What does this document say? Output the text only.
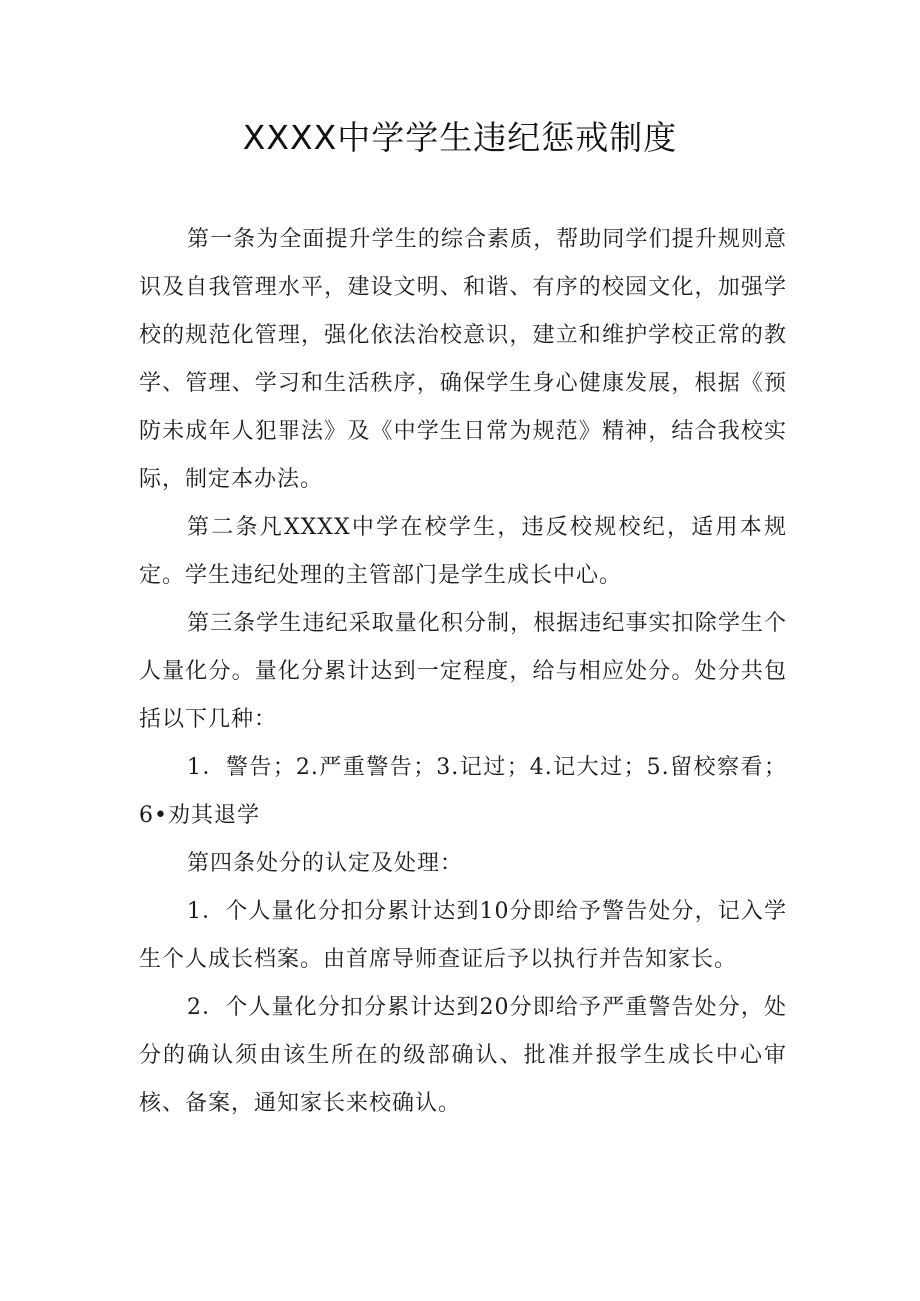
XXXX中学学生违纪惩戒制度

第一条为全面提升学生的综合素质，帮助同学们提升规则意识及自我管理水平，建设文明、和谐、有序的校园文化，加强学校的规范化管理，强化依法治校意识，建立和维护学校正常的教学、管理、学习和生活秩序，确保学生身心健康发展，根据《预防未成年人犯罪法》及《中学生日常为规范》精神，结合我校实际，制定本办法。

第二条凡XXXX中学在校学生，违反校规校纪，适用本规定。学生违纪处理的主管部门是学生成长中心。

第三条学生违纪采取量化积分制，根据违纪事实扣除学生个人量化分。量化分累计达到一定程度，给与相应处分。处分共包括以下几种：

1．警告；2.严重警告；3.记过；4.记大过；5.留校察看；6•劝其退学

第四条处分的认定及处理：

1．个人量化分扣分累计达到10分即给予警告处分，记入学生个人成长档案。由首席导师查证后予以执行并告知家长。

2．个人量化分扣分累计达到20分即给予严重警告处分，处分的确认须由该生所在的级部确认、批准并报学生成长中心审核、备案，通知家长来校确认。
